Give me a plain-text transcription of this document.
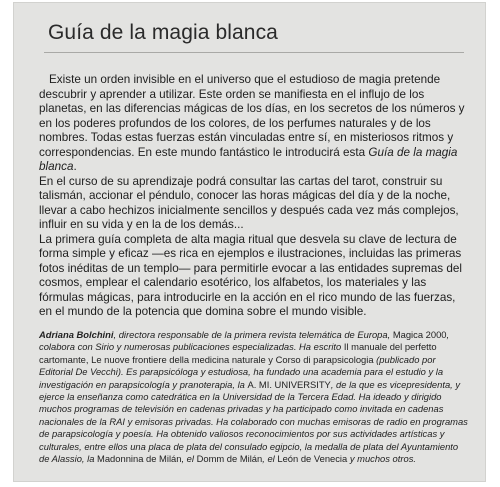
Guía de la magia blanca

Existe un orden invisible en el universo que el estudioso de magia pretende descubrir y aprender a utilizar. Este orden se manifiesta en el influjo de los planetas, en las diferencias mágicas de los días, en los secretos de los números y en los poderes profundos de los colores, de los perfumes naturales y de los nombres. Todas estas fuerzas están vinculadas entre sí, en misteriosos ritmos y correspondencias. En este mundo fantástico le introducirá esta Guía de la magia blanca.

En el curso de su aprendizaje podrá consultar las cartas del tarot, construir su talismán, accionar el péndulo, conocer las horas mágicas del día y de la noche, llevar a cabo hechizos inicialmente sencillos y después cada vez más complejos, influir en su vida y en la de los demás...

La primera guía completa de alta magia ritual que desvela su clave de lectura de forma simple y eficaz —es rica en ejemplos e ilustraciones, incluidas las primeras fotos inéditas de un templo— para permitirle evocar a las entidades supremas del cosmos, emplear el calendario esotérico, los alfabetos, los materiales y las fórmulas mágicas, para introducirle en la acción en el rico mundo de las fuerzas, en el mundo de la potencia que domina sobre el mundo visible.

Adriana Bolchini, directora responsable de la primera revista telemática de Europa, Magica 2000, colabora con Sirio y numerosas publicaciones especializadas. Ha escrito Il manuale del perfetto cartomante, Le nuove frontiere della medicina naturale y Corso di parapsicologia (publicado por Editorial De Vecchi). Es parapsicóloga y estudiosa, ha fundado una academia para el estudio y la investigación en parapsicología y pranoterapia, la A. MI. UNIVERSITY, de la que es vicepresidenta, y ejerce la enseñanza como catedrática en la Universidad de la Tercera Edad. Ha ideado y dirigido muchos programas de televisión en cadenas privadas y ha participado como invitada en cadenas nacionales de la RAI y emisoras privadas. Ha colaborado con muchas emisoras de radio en programas de parapsicología y poesía. Ha obtenido valiosos reconocimientos por sus actividades artísticas y culturales, entre ellos una placa de plata del consulado egipcio, la medalla de plata del Ayuntamiento de Alassio, la Madonnina de Milán, el Domm de Milán, el León de Venecia y muchos otros.
